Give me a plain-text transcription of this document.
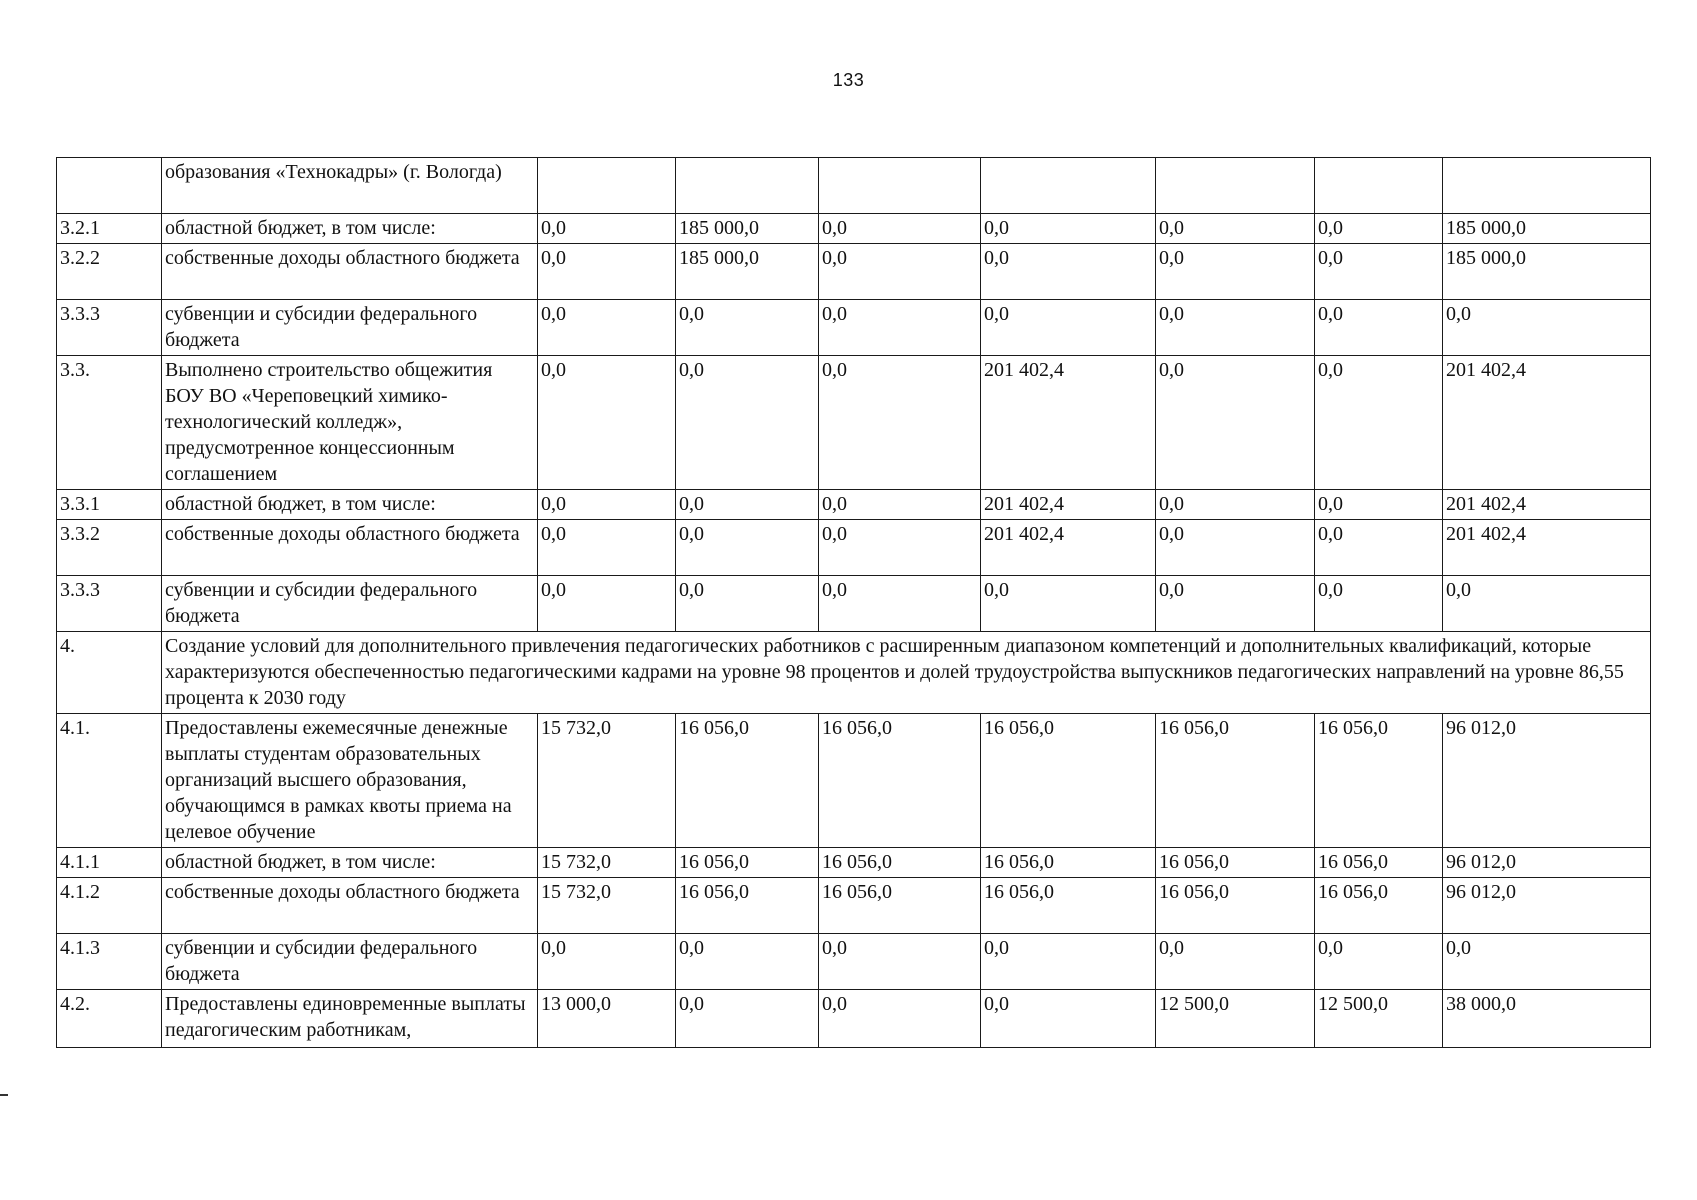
133
	образования «Технокадры» (г. Вологда)							
3.2.1	областной бюджет, в том числе:	0,0	185 000,0	0,0	0,0	0,0	0,0	185 000,0
3.2.2	собственные доходы областного бюджета	0,0	185 000,0	0,0	0,0	0,0	0,0	185 000,0
3.3.3	субвенции и субсидии федерального бюджета	0,0	0,0	0,0	0,0	0,0	0,0	0,0
3.3.	Выполнено строительство общежития БОУ ВО «Череповецкий химико-технологический колледж», предусмотренное концессионным соглашением	0,0	0,0	0,0	201 402,4	0,0	0,0	201 402,4
3.3.1	областной бюджет, в том числе:	0,0	0,0	0,0	201 402,4	0,0	0,0	201 402,4
3.3.2	собственные доходы областного бюджета	0,0	0,0	0,0	201 402,4	0,0	0,0	201 402,4
3.3.3	субвенции и субсидии федерального бюджета	0,0	0,0	0,0	0,0	0,0	0,0	0,0
4.	Создание условий для дополнительного привлечения педагогических работников с расширенным диапазоном компетенций и дополнительных квалификаций, которые характеризуются обеспеченностью педагогическими кадрами на уровне 98 процентов и долей трудоустройства выпускников педагогических направлений на уровне 86,55 процента к 2030 году							
4.1.	Предоставлены ежемесячные денежные выплаты студентам образовательных организаций высшего образования, обучающимся в рамках квоты приема на целевое обучение	15 732,0	16 056,0	16 056,0	16 056,0	16 056,0	16 056,0	96 012,0
4.1.1	областной бюджет, в том числе:	15 732,0	16 056,0	16 056,0	16 056,0	16 056,0	16 056,0	96 012,0
4.1.2	собственные доходы областного бюджета	15 732,0	16 056,0	16 056,0	16 056,0	16 056,0	16 056,0	96 012,0
4.1.3	субвенции и субсидии федерального бюджета	0,0	0,0	0,0	0,0	0,0	0,0	0,0
4.2.	Предоставлены единовременные выплаты педагогическим работникам,	13 000,0	0,0	0,0	0,0	12 500,0	12 500,0	38 000,0
